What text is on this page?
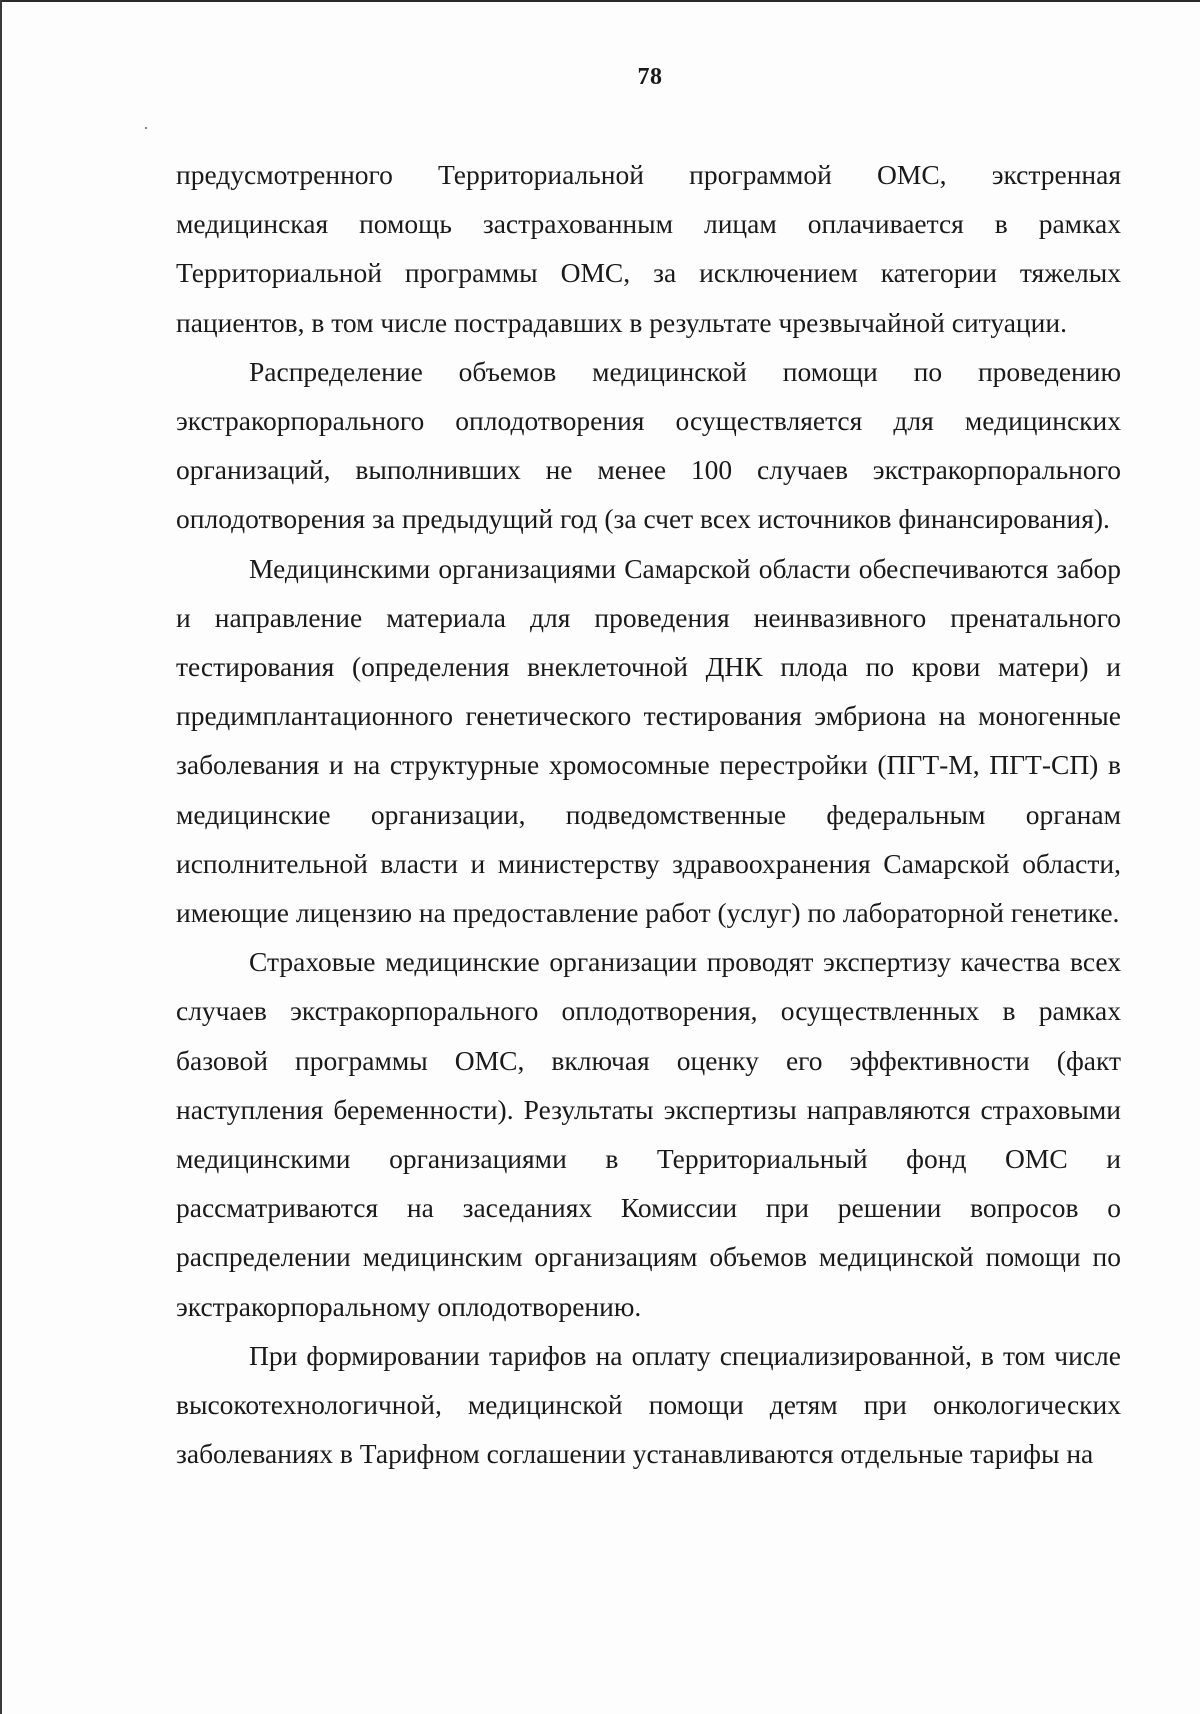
78

предусмотренного Территориальной программой ОМС, экстренная медицинская помощь застрахованным лицам оплачивается в рамках Территориальной программы ОМС, за исключением категории тяжелых пациентов, в том числе пострадавших в результате чрезвычайной ситуации.

Распределение объемов медицинской помощи по проведению экстракорпорального оплодотворения осуществляется для медицинских организаций, выполнивших не менее 100 случаев экстракорпорального оплодотворения за предыдущий год (за счет всех источников финансирования).

Медицинскими организациями Самарской области обеспечиваются забор и направление материала для проведения неинвазивного пренатального тестирования (определения внеклеточной ДНК плода по крови матери) и предимплантационного генетического тестирования эмбриона на моногенные заболевания и на структурные хромосомные перестройки (ПГТ-М, ПГТ-СП) в медицинские организации, подведомственные федеральным органам исполнительной власти и министерству здравоохранения Самарской области, имеющие лицензию на предоставление работ (услуг) по лабораторной генетике.

Страховые медицинские организации проводят экспертизу качества всех случаев экстракорпорального оплодотворения, осуществленных в рамках базовой программы ОМС, включая оценку его эффективности (факт наступления беременности). Результаты экспертизы направляются страховыми медицинскими организациями в Территориальный фонд ОМС и рассматриваются на заседаниях Комиссии при решении вопросов о распределении медицинским организациям объемов медицинской помощи по экстракорпоральному оплодотворению.

При формировании тарифов на оплату специализированной, в том числе высокотехнологичной, медицинской помощи детям при онкологических заболеваниях в Тарифном соглашении устанавливаются отдельные тарифы на
